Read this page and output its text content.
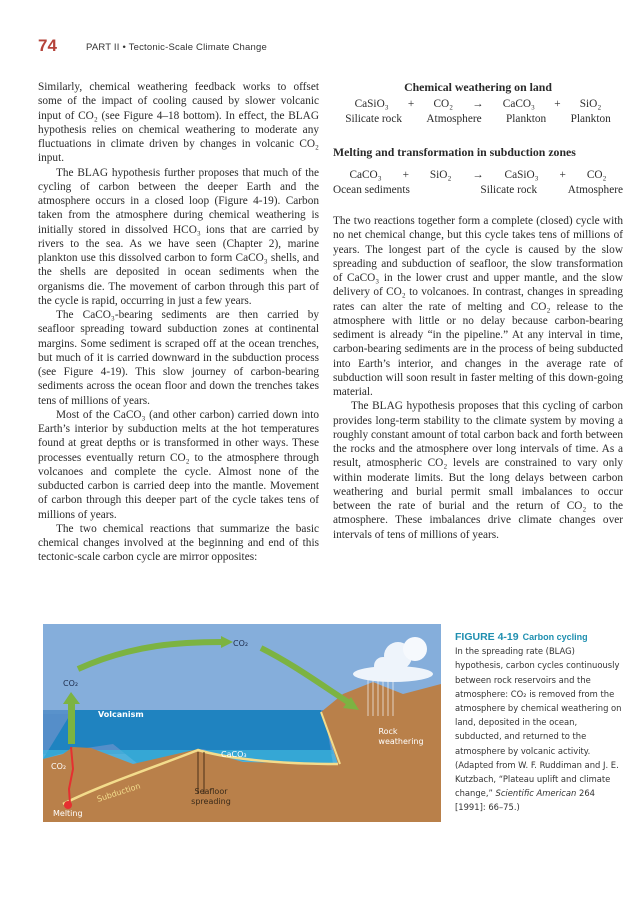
74	PART II • Tectonic-Scale Climate Change

Similarly, chemical weathering feedback works to offset some of the impact of cooling caused by slower volcanic input of CO₂ (see Figure 4–18 bottom). In effect, the BLAG hypothesis relies on chemical weathering to moderate any fluctuations in climate driven by changes in volcanic CO₂ input.

The BLAG hypothesis further proposes that much of the cycling of carbon between the deeper Earth and the atmosphere occurs in a closed loop (Figure 4-19). Carbon taken from the atmosphere during chemical weathering is initially stored in dissolved HCO₃ ions that are carried by rivers to the sea. As we have seen (Chapter 2), marine plankton use this dissolved carbon to form CaCO₃ shells, and the shells are deposited in ocean sediments when the organisms die. The movement of carbon through this part of the cycle is rapid, occurring in just a few years.

The CaCO₃-bearing sediments are then carried by seafloor spreading toward subduction zones at continental margins. Some sediment is scraped off at the ocean trenches, but much of it is carried downward in the subduction process (see Figure 4-19). This slow journey of carbon-bearing sediments across the ocean floor and down the trenches takes tens of millions of years.

Most of the CaCO₃ (and other carbon) carried down into Earth’s interior by subduction melts at the hot temperatures found at great depths or is transformed in other ways. These processes eventually return CO₂ to the atmosphere through volcanoes and complete the cycle. Almost none of the subducted carbon is carried deep into the mantle. Movement of carbon through this deeper part of the cycle takes tens of millions of years.

The two chemical reactions that summarize the basic chemical changes involved at the beginning and end of this tectonic-scale carbon cycle are mirror opposites:

Chemical weathering on land
CaSiO₃ + CO₂ → CaCO₃ + SiO₂
Silicate rock Atmosphere Plankton Plankton
Melting and transformation in subduction zones
CaCO₃ + SiO₂ → CaSiO₃ + CO₂
Ocean sediments	Silicate rock	Atmosphere

The two reactions together form a complete (closed) cycle with no net chemical change, but this cycle takes tens of millions of years. The longest part of the cycle is caused by the slow spreading and subduction of seafloor, the slow transformation of CaCO₃ in the lower crust and upper mantle, and the slow delivery of CO₂ to volcanoes. In contrast, changes in spreading rates can alter the rate of melting and CO₂ release to the atmosphere with little or no delay because carbon-bearing sediment is already “in the pipeline.” At any interval in time, carbon-bearing sediments are in the process of being subducted into Earth’s interior, and changes in the average rate of subduction will soon result in faster melting of this down-going material.

The BLAG hypothesis proposes that this cycling of carbon provides long-term stability to the climate system by moving a roughly constant amount of total carbon back and forth between the rocks and the atmosphere over long intervals of time. As a result, atmospheric CO₂ levels are constrained to vary only within moderate limits. But the long delays between carbon weathering and burial permit small imbalances to occur between the rate of burial and the return of CO₂ to the atmosphere. These imbalances drive climate changes over intervals of tens of millions of years.

CO₂
CO₂
CO₂
Volcanism
CaCO₃
Rock
weathering
Subduction	Seafloor
spreading
Melting
FIGURE 4-19 Carbon cycling
In the spreading rate (BLAG) hypothesis, carbon cycles continuously between rock reservoirs and the atmosphere: CO₂ is removed from the atmosphere by chemical weathering on land, deposited in the ocean, subducted, and returned to the atmosphere by volcanic activity. (Adapted from W. F. Ruddiman and J. E. Kutzbach, “Plateau uplift and climate change,” Scientific American 264 [1991]: 66–75.)
